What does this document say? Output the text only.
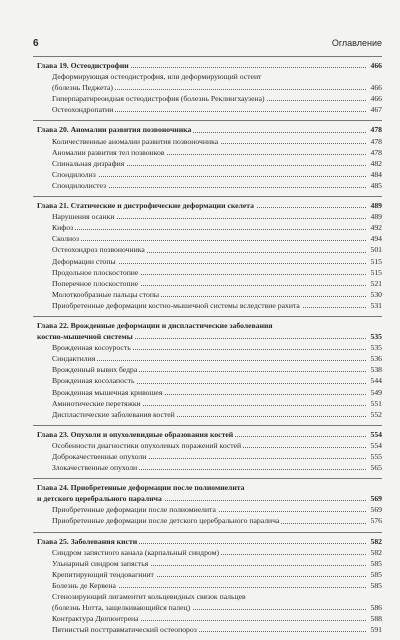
6	Оглавление
Глава 19. Остеодистрофии	466
Деформирующая остеодистрофия, или деформирующий остеит
(болезнь Педжета)	466
Гиперпаратиреоидная остеодистрофия (болезнь Реклингхаузена)	466
Остеохондропатии	467
Глава 20. Аномалии развития позвоночника	478
Количественные аномалии развития позвоночника	478
Аномалии развития тел позвонков	478
Спинальная дизрафия	482
Спондилолиз	484
Спондилолистез	485
Глава 21. Статические и дистрофические деформации скелета	489
Нарушения осанки	489
Кифоз	492
Сколиоз	494
Остеохондроз позвоночника	501
Деформации стопы	515
Продольное плоскостопие	515
Поперечное плоскостопие	521
Молоткообразные пальцы стопы	530
Приобретенные деформации костно-мышечной системы вследствие рахита	531
Глава 22. Врожденные деформации и диспластические заболевания
костно-мышечной системы	535
Врожденная косоурость	535
Синдактилия	536
Врожденный вывих бедра	538
Врожденная косолапость	544
Врожденная мышечная кривошея	549
Амниотические перетяжки	551
Диспластические заболевания костей	552
Глава 23. Опухоли и опухолевидные образования костей	554
Особенности диагностики опухолевых поражений костей	554
Доброкачественные опухоли	555
Злокачественные опухоли	565
Глава 24. Приобретенные деформации после полиомиелита
и детского церебрального паралича	569
Приобретенные деформации после полиомиелита	569
Приобретенные деформации после детского церебрального паралича	576
Глава 25. Заболевания кисти	582
Синдром запястного канала (карпальный синдром)	582
Ульнарный синдром запястья	585
Крепитирующий тендовагинит	585
Болезнь де Кервена	585
Стенозирующий лигаментит кольцевидных связок пальцев
(болезнь Нотта, защелкивающийся палец)	586
Контрактура Дюпюитрена	588
Пятнистый посттравматический остеопороз	591
